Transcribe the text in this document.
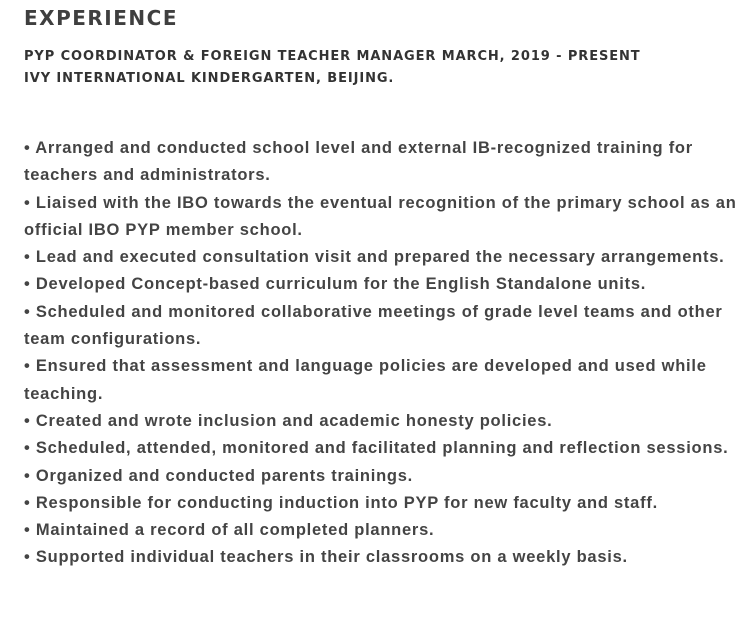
EXPERIENCE
PYP COORDINATOR & FOREIGN TEACHER MANAGER MARCH, 2019 - PRESENT
IVY INTERNATIONAL KINDERGARTEN, BEIJING.
• Arranged and conducted school level and external IB-recognized training for teachers and administrators.
• Liaised with the IBO towards the eventual recognition of the primary school as an official IBO PYP member school.
• Lead and executed consultation visit and prepared the necessary arrangements.
• Developed Concept-based curriculum for the English Standalone units.
• Scheduled and monitored collaborative meetings of grade level teams and other team configurations.
• Ensured that assessment and language policies are developed and used while teaching.
• Created and wrote inclusion and academic honesty policies.
• Scheduled, attended, monitored and facilitated planning and reflection sessions.
• Organized and conducted parents trainings.
• Responsible for conducting induction into PYP for new faculty and staff.
• Maintained a record of all completed planners.
• Supported individual teachers in their classrooms on a weekly basis.
